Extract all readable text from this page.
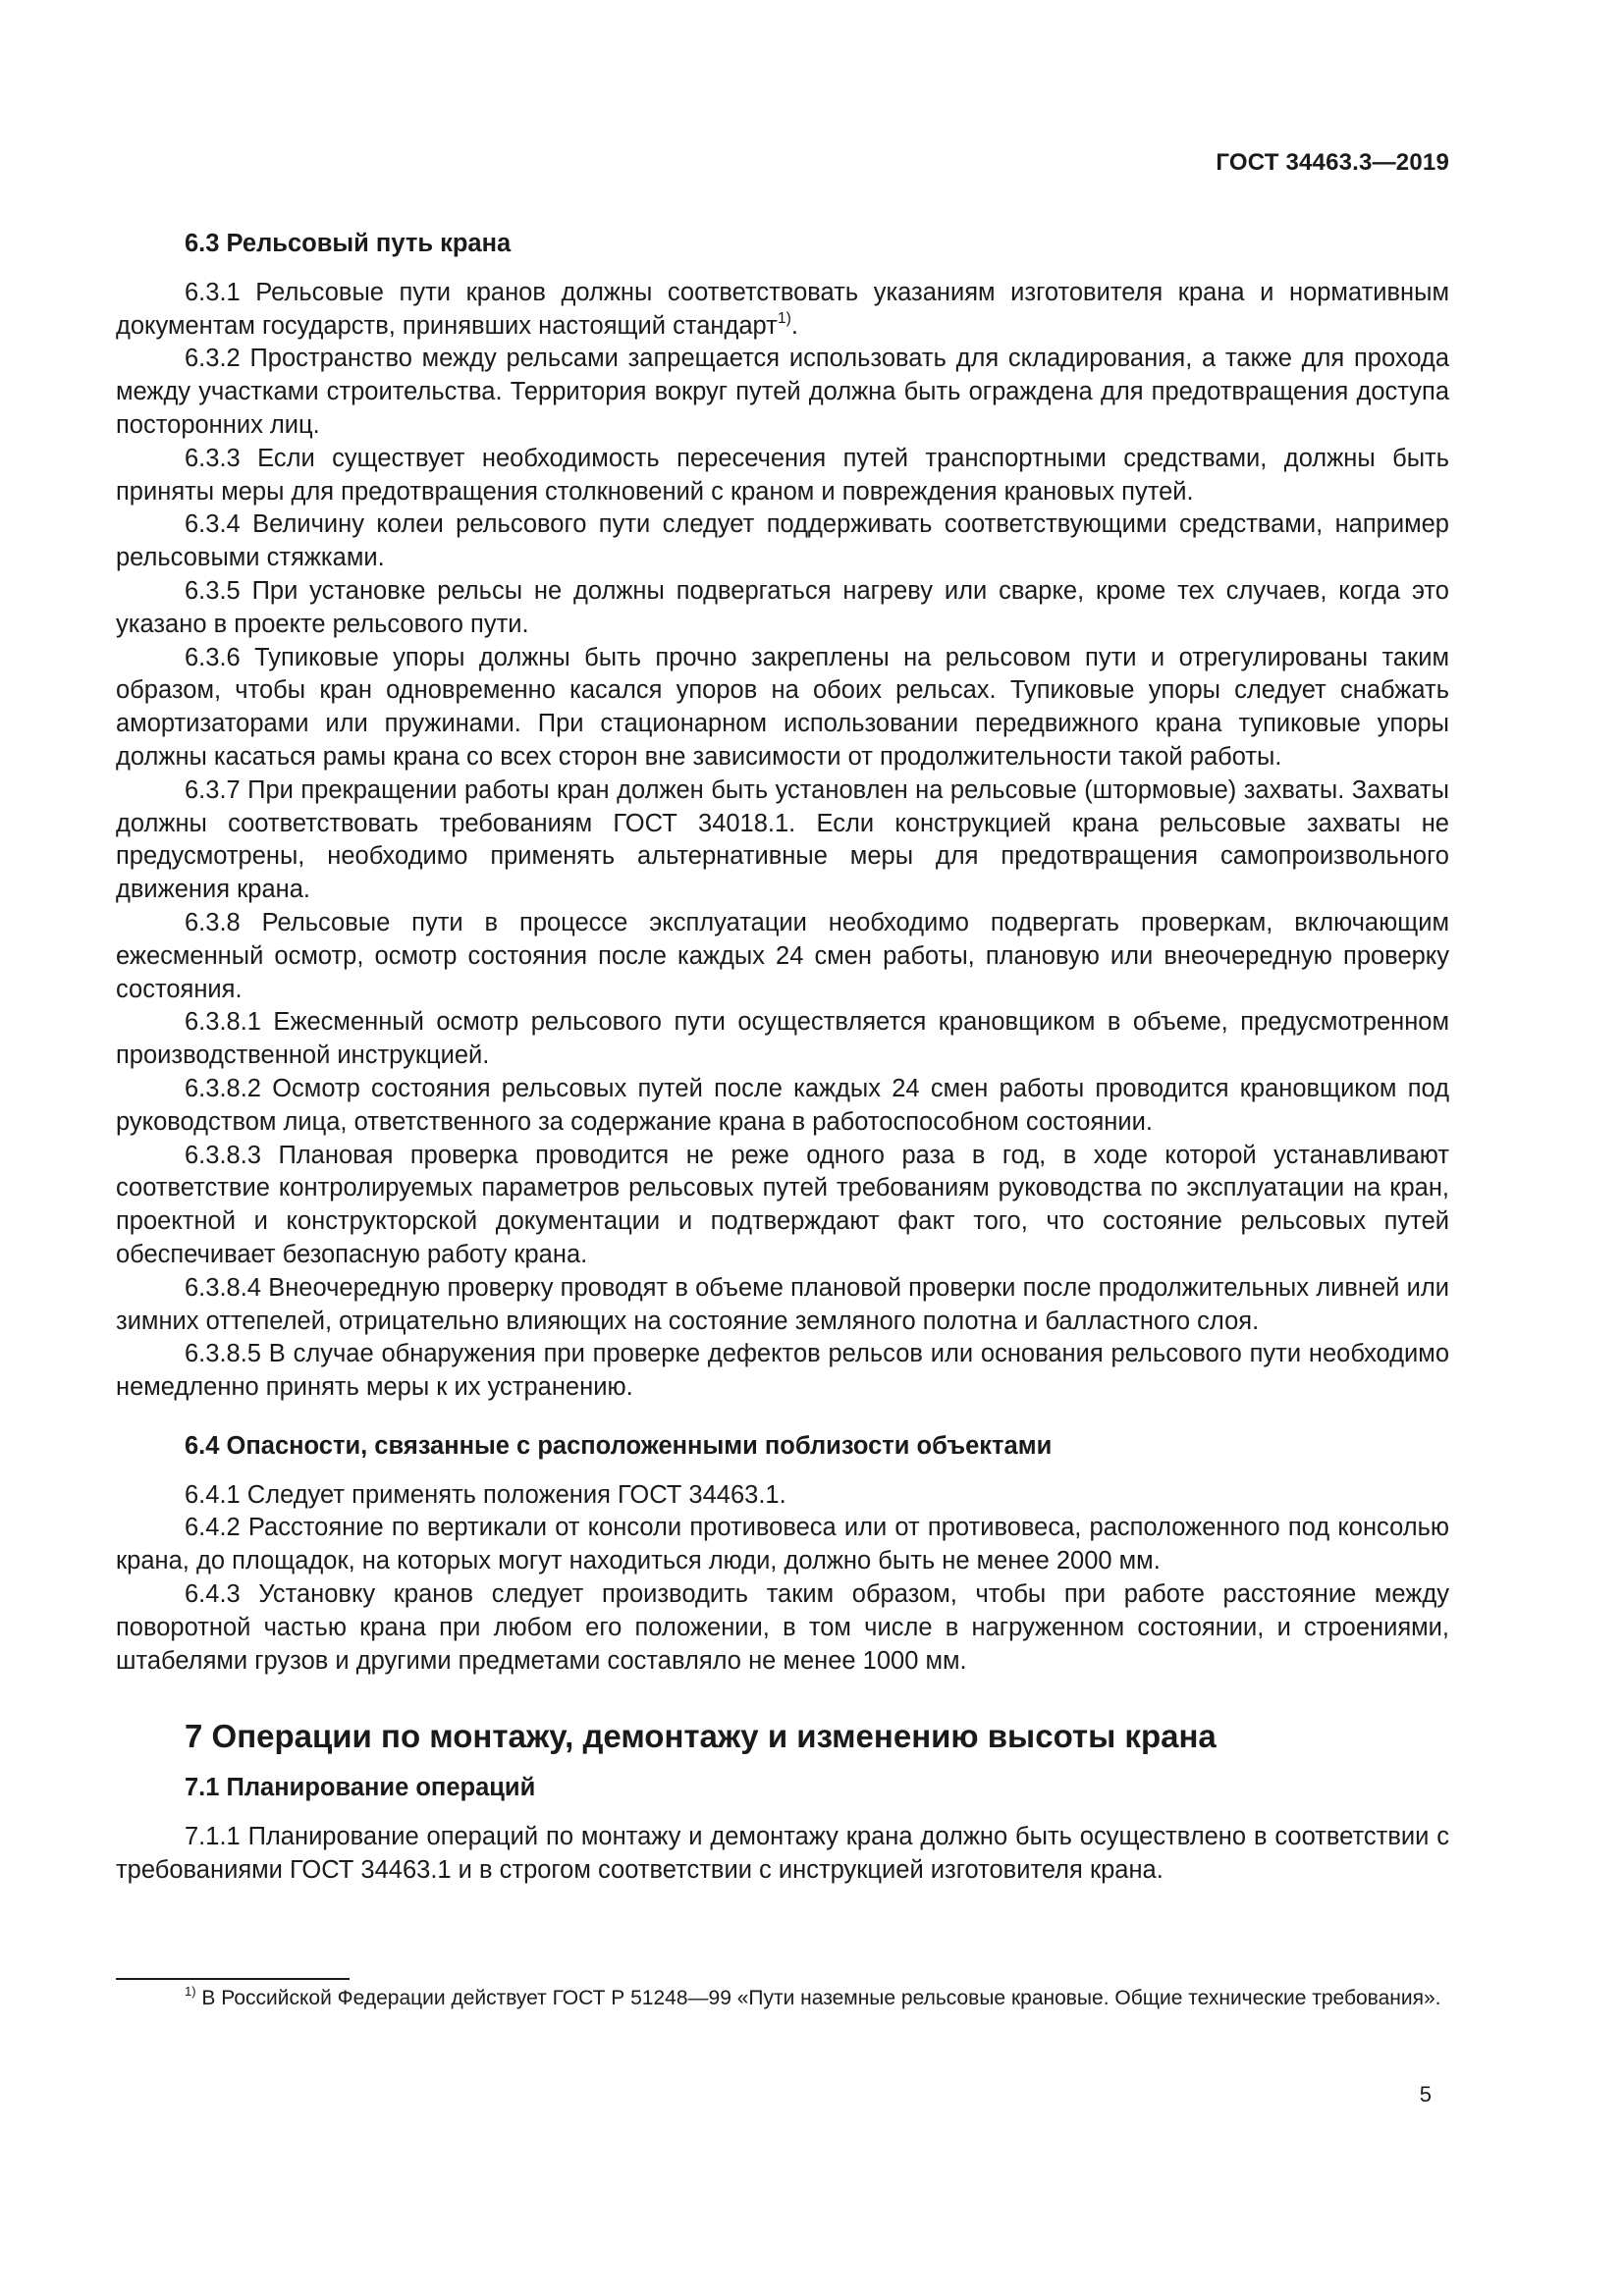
ГОСТ 34463.3—2019
6.3 Рельсовый путь крана
6.3.1 Рельсовые пути кранов должны соответствовать указаниям изготовителя крана и нормативным документам государств, принявших настоящий стандарт$^{1)}$.
6.3.2 Пространство между рельсами запрещается использовать для складирования, а также для прохода между участками строительства. Территория вокруг путей должна быть ограждена для предотвращения доступа посторонних лиц.
6.3.3 Если существует необходимость пересечения путей транспортными средствами, должны быть приняты меры для предотвращения столкновений с краном и повреждения крановых путей.
6.3.4 Величину колеи рельсового пути следует поддерживать соответствующими средствами, например рельсовыми стяжками.
6.3.5 При установке рельсы не должны подвергаться нагреву или сварке, кроме тех случаев, когда это указано в проекте рельсового пути.
6.3.6 Тупиковые упоры должны быть прочно закреплены на рельсовом пути и отрегулированы таким образом, чтобы кран одновременно касался упоров на обоих рельсах. Тупиковые упоры следует снабжать амортизаторами или пружинами. При стационарном использовании передвижного крана тупиковые упоры должны касаться рамы крана со всех сторон вне зависимости от продолжительности такой работы.
6.3.7 При прекращении работы кран должен быть установлен на рельсовые (штормовые) захваты. Захваты должны соответствовать требованиям ГОСТ 34018.1. Если конструкцией крана рельсовые захваты не предусмотрены, необходимо применять альтернативные меры для предотвращения самопроизвольного движения крана.
6.3.8 Рельсовые пути в процессе эксплуатации необходимо подвергать проверкам, включающим ежесменный осмотр, осмотр состояния после каждых 24 смен работы, плановую или внеочередную проверку состояния.
6.3.8.1 Ежесменный осмотр рельсового пути осуществляется крановщиком в объеме, предусмотренном производственной инструкцией.
6.3.8.2 Осмотр состояния рельсовых путей после каждых 24 смен работы проводится крановщиком под руководством лица, ответственного за содержание крана в работоспособном состоянии.
6.3.8.3 Плановая проверка проводится не реже одного раза в год, в ходе которой устанавливают соответствие контролируемых параметров рельсовых путей требованиям руководства по эксплуатации на кран, проектной и конструкторской документации и подтверждают факт того, что состояние рельсовых путей обеспечивает безопасную работу крана.
6.3.8.4 Внеочередную проверку проводят в объеме плановой проверки после продолжительных ливней или зимних оттепелей, отрицательно влияющих на состояние земляного полотна и балластного слоя.
6.3.8.5 В случае обнаружения при проверке дефектов рельсов или основания рельсового пути необходимо немедленно принять меры к их устранению.
6.4 Опасности, связанные с расположенными поблизости объектами
6.4.1 Следует применять положения ГОСТ 34463.1.
6.4.2 Расстояние по вертикали от консоли противовеса или от противовеса, расположенного под консолью крана, до площадок, на которых могут находиться люди, должно быть не менее 2000 мм.
6.4.3 Установку кранов следует производить таким образом, чтобы при работе расстояние между поворотной частью крана при любом его положении, в том числе в нагруженном состоянии, и строениями, штабелями грузов и другими предметами составляло не менее 1000 мм.
7 Операции по монтажу, демонтажу и изменению высоты крана
7.1 Планирование операций
7.1.1 Планирование операций по монтажу и демонтажу крана должно быть осуществлено в соответствии с требованиями ГОСТ 34463.1 и в строгом соответствии с инструкцией изготовителя крана.
$^{1)}$ В Российской Федерации действует ГОСТ Р 51248—99 «Пути наземные рельсовые крановые. Общие технические требования».
5
